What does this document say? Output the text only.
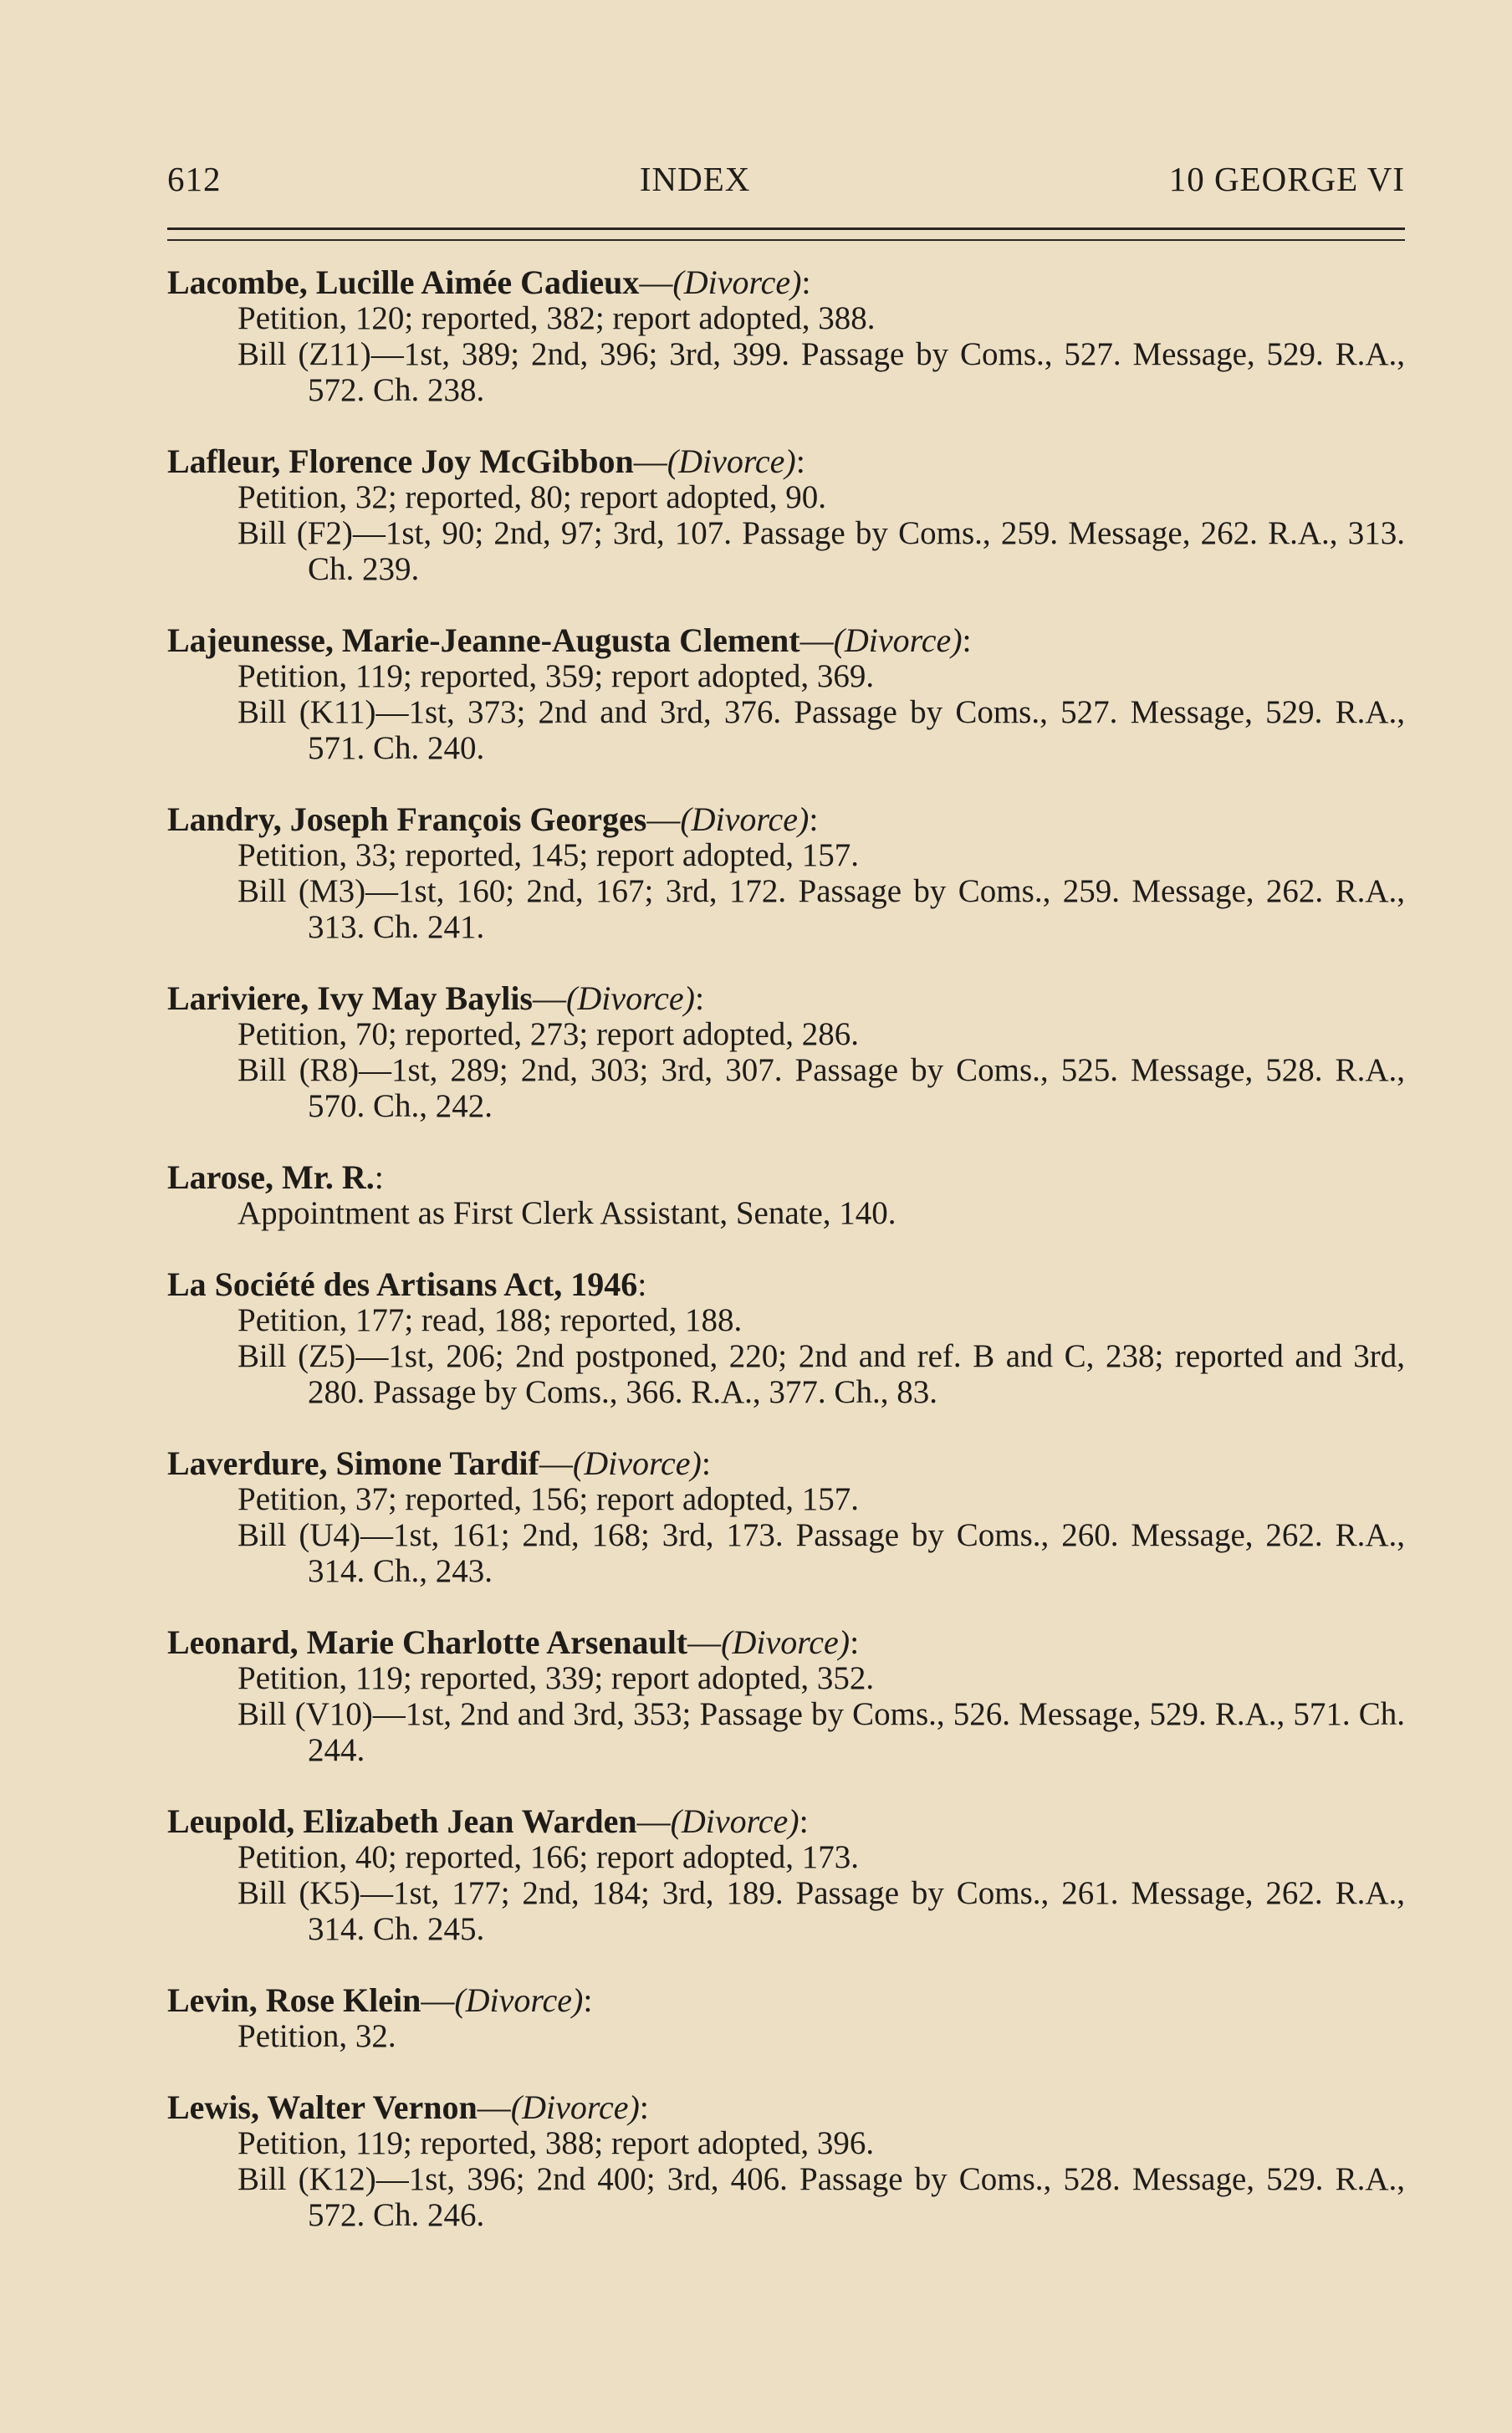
612	INDEX	10 GEORGE VI
Lacombe, Lucille Aimée Cadieux—(Divorce):
Petition, 120; reported, 382; report adopted, 388.
Bill (Z11)—1st, 389; 2nd, 396; 3rd, 399. Passage by Coms., 527. Message, 529. R.A., 572. Ch. 238.
Lafleur, Florence Joy McGibbon—(Divorce):
Petition, 32; reported, 80; report adopted, 90.
Bill (F2)—1st, 90; 2nd, 97; 3rd, 107. Passage by Coms., 259. Message, 262. R.A., 313. Ch. 239.
Lajeunesse, Marie-Jeanne-Augusta Clement—(Divorce):
Petition, 119; reported, 359; report adopted, 369.
Bill (K11)—1st, 373; 2nd and 3rd, 376. Passage by Coms., 527. Message, 529. R.A., 571. Ch. 240.
Landry, Joseph François Georges—(Divorce):
Petition, 33; reported, 145; report adopted, 157.
Bill (M3)—1st, 160; 2nd, 167; 3rd, 172. Passage by Coms., 259. Message, 262. R.A., 313. Ch. 241.
Lariviere, Ivy May Baylis—(Divorce):
Petition, 70; reported, 273; report adopted, 286.
Bill (R8)—1st, 289; 2nd, 303; 3rd, 307. Passage by Coms., 525. Message, 528. R.A., 570. Ch., 242.
Larose, Mr. R.:
Appointment as First Clerk Assistant, Senate, 140.
La Société des Artisans Act, 1946:
Petition, 177; read, 188; reported, 188.
Bill (Z5)—1st, 206; 2nd postponed, 220; 2nd and ref. B and C, 238; reported and 3rd, 280. Passage by Coms., 366. R.A., 377. Ch., 83.
Laverdure, Simone Tardif—(Divorce):
Petition, 37; reported, 156; report adopted, 157.
Bill (U4)—1st, 161; 2nd, 168; 3rd, 173. Passage by Coms., 260. Message, 262. R.A., 314. Ch., 243.
Leonard, Marie Charlotte Arsenault—(Divorce):
Petition, 119; reported, 339; report adopted, 352.
Bill (V10)—1st, 2nd and 3rd, 353; Passage by Coms., 526. Message, 529. R.A., 571. Ch. 244.
Leupold, Elizabeth Jean Warden—(Divorce):
Petition, 40; reported, 166; report adopted, 173.
Bill (K5)—1st, 177; 2nd, 184; 3rd, 189. Passage by Coms., 261. Message, 262. R.A., 314. Ch. 245.
Levin, Rose Klein—(Divorce):
Petition, 32.
Lewis, Walter Vernon—(Divorce):
Petition, 119; reported, 388; report adopted, 396.
Bill (K12)—1st, 396; 2nd 400; 3rd, 406. Passage by Coms., 528. Message, 529. R.A., 572. Ch. 246.
